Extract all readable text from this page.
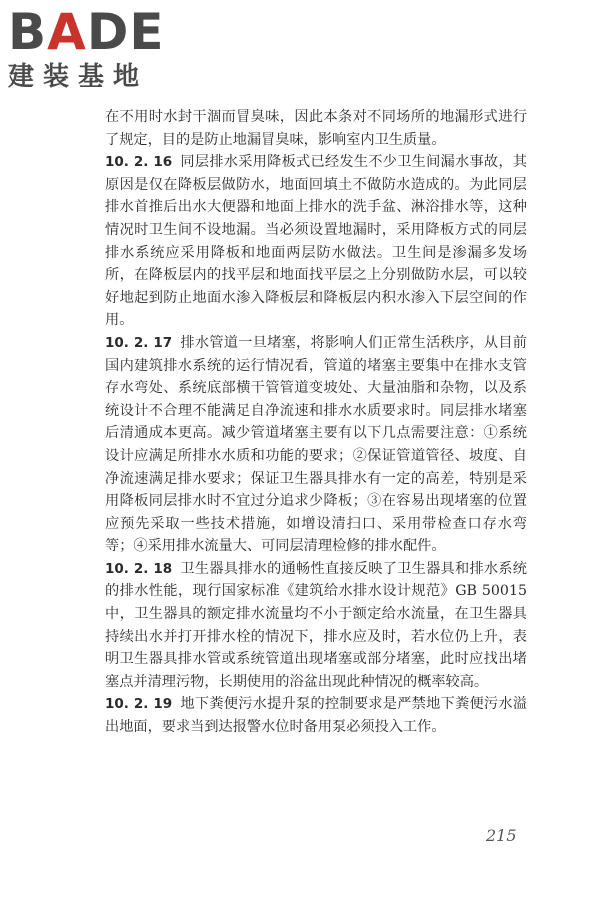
BADE
建装基地

在不用时水封干涸而冒臭味，因此本条对不同场所的地漏形式进行了规定，目的是防止地漏冒臭味，影响室内卫生质量。

10. 2. 16 同层排水采用降板式已经发生不少卫生间漏水事故，其原因是仅在降板层做防水，地面回填土不做防水造成的。为此同层排水首推后出水大便器和地面上排水的洗手盆、淋浴排水等，这种情况时卫生间不设地漏。当必须设置地漏时，采用降板方式的同层排水系统应采用降板和地面两层防水做法。卫生间是渗漏多发场所，在降板层内的找平层和地面找平层之上分别做防水层，可以较好地起到防止地面水渗入降板层和降板层内积水渗入下层空间的作用。

10. 2. 17 排水管道一旦堵塞，将影响人们正常生活秩序，从目前国内建筑排水系统的运行情况看，管道的堵塞主要集中在排水支管存水弯处、系统底部横干管管道变坡处、大量油脂和杂物，以及系统设计不合理不能满足自净流速和排水水质要求时。同层排水堵塞后清通成本更高。减少管道堵塞主要有以下几点需要注意：①系统设计应满足所排水水质和功能的要求；②保证管道管径、坡度、自净流速满足排水要求；保证卫生器具排水有一定的高差，特别是采用降板同层排水时不宜过分追求少降板；③在容易出现堵塞的位置应预先采取一些技术措施，如增设清扫口、采用带检查口存水弯等；④采用排水流量大、可同层清理检修的排水配件。

10. 2. 18 卫生器具排水的通畅性直接反映了卫生器具和排水系统的排水性能，现行国家标准《建筑给水排水设计规范》GB 50015中，卫生器具的额定排水流量均不小于额定给水流量，在卫生器具持续出水并打开排水栓的情况下，排水应及时，若水位仍上升，表明卫生器具排水管或系统管道出现堵塞或部分堵塞，此时应找出堵塞点并清理污物，长期使用的浴盆出现此种情况的概率较高。

10. 2. 19 地下粪便污水提升泵的控制要求是严禁地下粪便污水溢出地面，要求当到达报警水位时备用泵必须投入工作。

215
